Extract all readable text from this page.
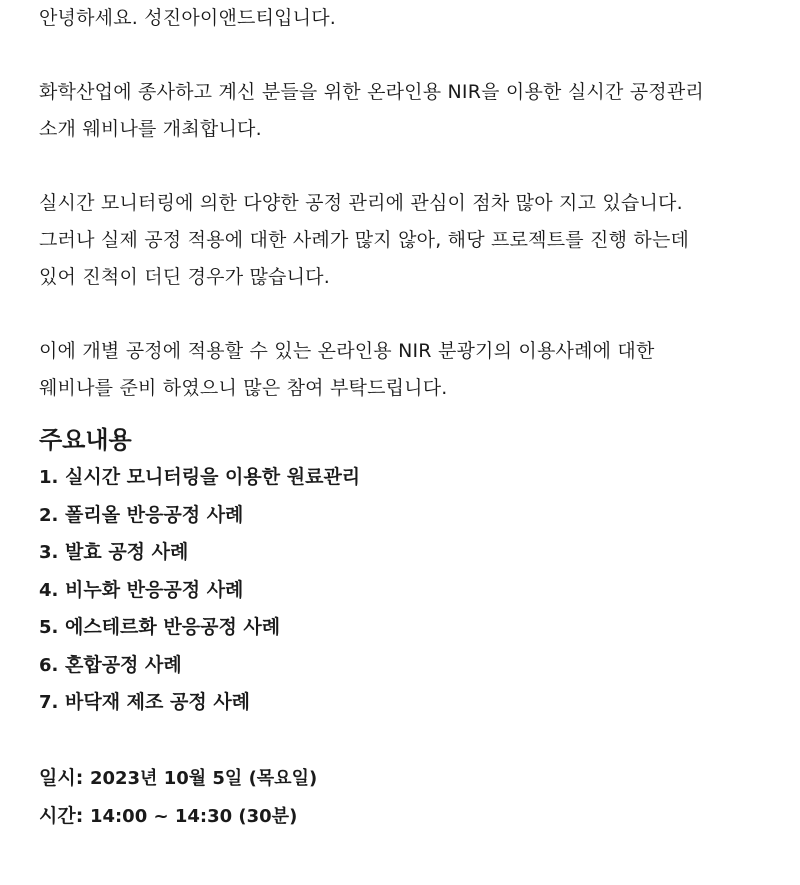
안녕하세요. 성진아이앤드티입니다.
화학산업에 종사하고 계신 분들을 위한 온라인용 NIR을 이용한 실시간 공정관리
소개 웨비나를 개최합니다.
실시간 모니터링에 의한 다양한 공정 관리에 관심이 점차 많아 지고 있습니다.
그러나 실제 공정 적용에 대한 사례가 많지 않아, 해당 프로젝트를 진행 하는데
있어 진척이 더딘 경우가 많습니다.
이에 개별 공정에 적용할 수 있는 온라인용 NIR 분광기의 이용사례에 대한
웨비나를 준비 하였으니 많은 참여 부탁드립니다.
주요내용
1. 실시간 모니터링을 이용한 원료관리
2. 폴리올 반응공정 사례
3. 발효 공정 사례
4. 비누화 반응공정 사례
5. 에스테르화 반응공정 사례
6. 혼합공정 사례
7. 바닥재 제조 공정 사례
일시: 2023년 10월 5일 (목요일)
시간: 14:00 ~ 14:30 (30분)
